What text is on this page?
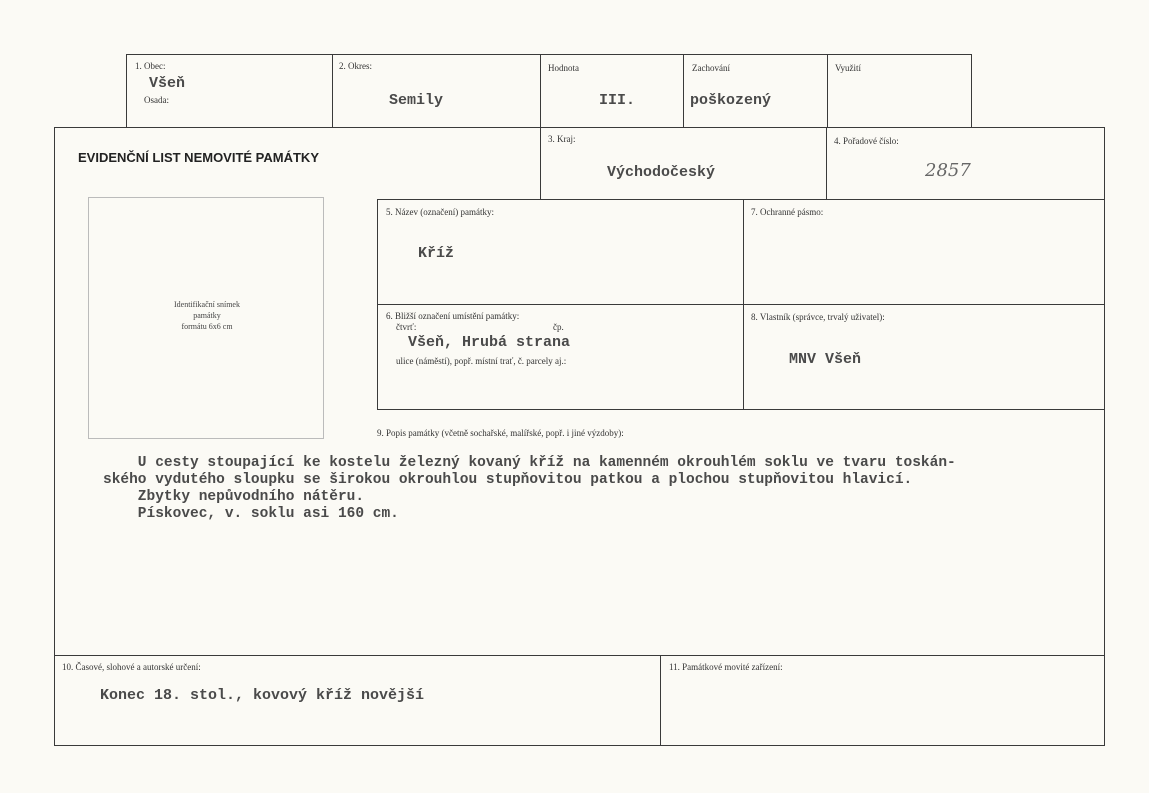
1. Obec:
Všeň
Osada:
2. Okres:
Semily
Hodnota
III.
Zachování
poškozený
Využití
EVIDENČNÍ LIST NEMOVITÉ PAMÁTKY
3. Kraj:
Východočeský
4. Pořadové číslo:
2857
Identifikační snímek
památky
formátu 6x6 cm
5. Název (označení) památky:
Kříž
7. Ochranné pásmo:
6. Bližší označení umístění památky:
čtvrť:	čp.
Všeň, Hrubá strana
ulice (náměstí), popř. místní trať, č. parcely aj.:
8. Vlastník (správce, trvalý uživatel):
MNV Všeň
9. Popis památky (včetně sochařské, malířské, popř. i jiné výzdoby):
U cesty stoupající ke kostelu železný kovaný kříž na kamenném okrouhlém soklu ve tvaru toskán-
ského vydutého sloupku se širokou okrouhlou stupňovitou patkou a plochou stupňovitou hlavicí.
Zbytky nepůvodního nátěru.
Pískovec, v. soklu asi 160 cm.
10. Časové, slohové a autorské určení:
Konec 18. stol., kovový kříž novější
11. Památkové movité zařízení:
